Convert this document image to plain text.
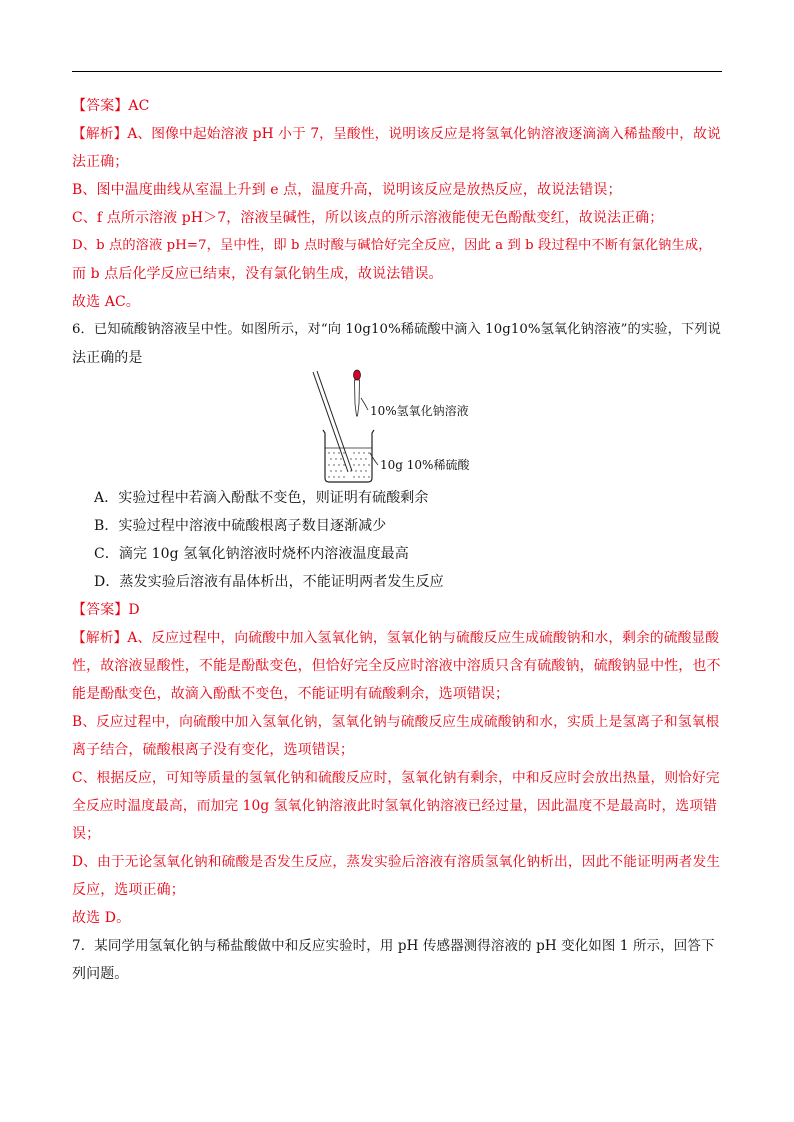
【答案】AC
【解析】A、图像中起始溶液 pH 小于 7，呈酸性，说明该反应是将氢氧化钠溶液逐滴滴入稀盐酸中，故说
法正确；
B、图中温度曲线从室温上升到 e 点，温度升高，说明该反应是放热反应，故说法错误；
C、f 点所示溶液 pH＞7，溶液呈碱性，所以该点的所示溶液能使无色酚酞变红，故说法正确；
D、b 点的溶液 pH=7，呈中性，即 b 点时酸与碱恰好完全反应，因此 a 到 b 段过程中不断有氯化钠生成，
而 b 点后化学反应已结束，没有氯化钠生成，故说法错误。
故选 AC。
6．已知硫酸钠溶液呈中性。如图所示，对“向 10g10%稀硫酸中滴入 10g10%氢氧化钠溶液”的实验，下列说
法正确的是
10%氢氧化钠溶液
10g 10%稀硫酸
A．实验过程中若滴入酚酞不变色，则证明有硫酸剩余
B．实验过程中溶液中硫酸根离子数目逐渐减少
C．滴完 10g 氢氧化钠溶液时烧杯内溶液温度最高
D．蒸发实验后溶液有晶体析出，不能证明两者发生反应
【答案】D
【解析】A、反应过程中，向硫酸中加入氢氧化钠，氢氧化钠与硫酸反应生成硫酸钠和水，剩余的硫酸显酸
性，故溶液显酸性，不能是酚酞变色，但恰好完全反应时溶液中溶质只含有硫酸钠，硫酸钠显中性，也不
能是酚酞变色，故滴入酚酞不变色，不能证明有硫酸剩余，选项错误；
B、反应过程中，向硫酸中加入氢氧化钠，氢氧化钠与硫酸反应生成硫酸钠和水，实质上是氢离子和氢氧根
离子结合，硫酸根离子没有变化，选项错误；
C、根据反应，可知等质量的氢氧化钠和硫酸反应时，氢氧化钠有剩余，中和反应时会放出热量，则恰好完
全反应时温度最高，而加完 10g 氢氧化钠溶液此时氢氧化钠溶液已经过量，因此温度不是最高时，选项错
误；
D、由于无论氢氧化钠和硫酸是否发生反应，蒸发实验后溶液有溶质氢氧化钠析出，因此不能证明两者发生
反应，选项正确；
故选 D。
7．某同学用氢氧化钠与稀盐酸做中和反应实验时，用 pH 传感器测得溶液的 pH 变化如图 1 所示，回答下
列问题。
